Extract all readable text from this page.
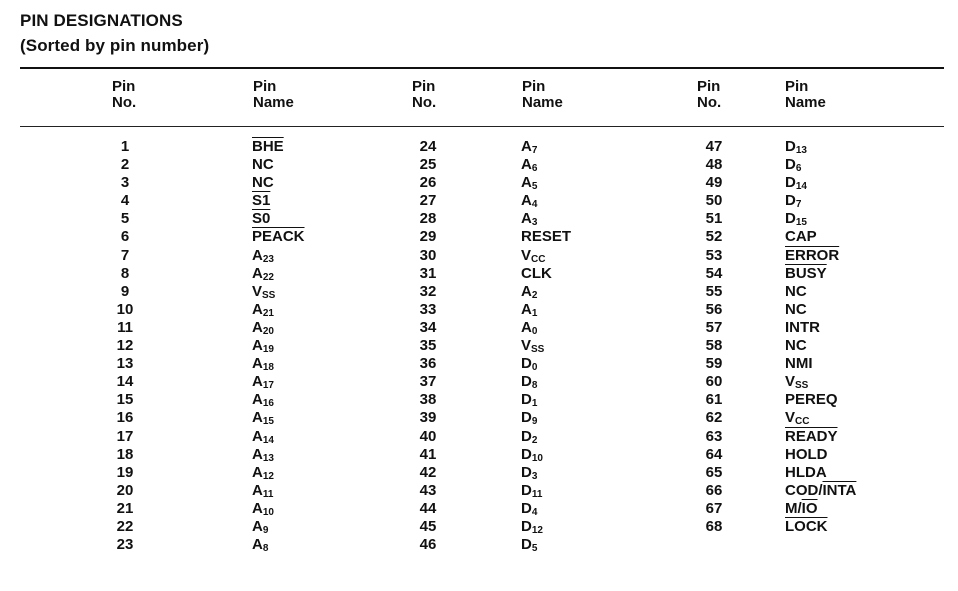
PIN DESIGNATIONS
(Sorted by pin number)
Pin
No.
Pin
Name
Pin
No.
Pin
Name
Pin
No.
Pin
Name
1
2
3
4
5
6
7
8
9
10
11
12
13
14
15
16
17
18
19
20
21
22
23
$\overline{BHE}$
NC
NC
S1
S0
PEACK
$A_{23}$
$A_{22}$
$V_{SS}$
$A_{21}$
$A_{20}$
$A_{19}$
$A_{18}$
$A_{17}$
$A_{16}$
$A_{15}$
$A_{14}$
$A_{13}$
$A_{12}$
$A_{11}$
$A_{10}$
$A_9$
$A_8$
24
25
26
27
28
29
30
31
32
33
34
35
36
37
38
39
40
41
42
43
44
45
46
$A_7$
$A_6$
$A_5$
$A_4$
$A_3$
RESET
$V_{CC}$
CLK
$A_2$
$A_1$
$A_0$
$V_{SS}$
$D_0$
$D_8$
$D_1$
$D_9$
$D_2$
$D_{10}$
$D_3$
$D_{11}$
$D_4$
$D_{12}$
$D_5$
47
48
49
50
51
52
53
54
55
56
57
58
59
60
61
62
63
64
65
66
67
68
$D_{13}$
$D_6$
$D_{14}$
$D_7$
$D_{15}$
CAP
ERROR
BUSY
NC
NC
INTR
NC
NMI
$V_{SS}$
PEREQ
$V_{CC}$
READY
HOLD
HLDA
COD/INTA
$M/\overline{IO}$
LOCK
